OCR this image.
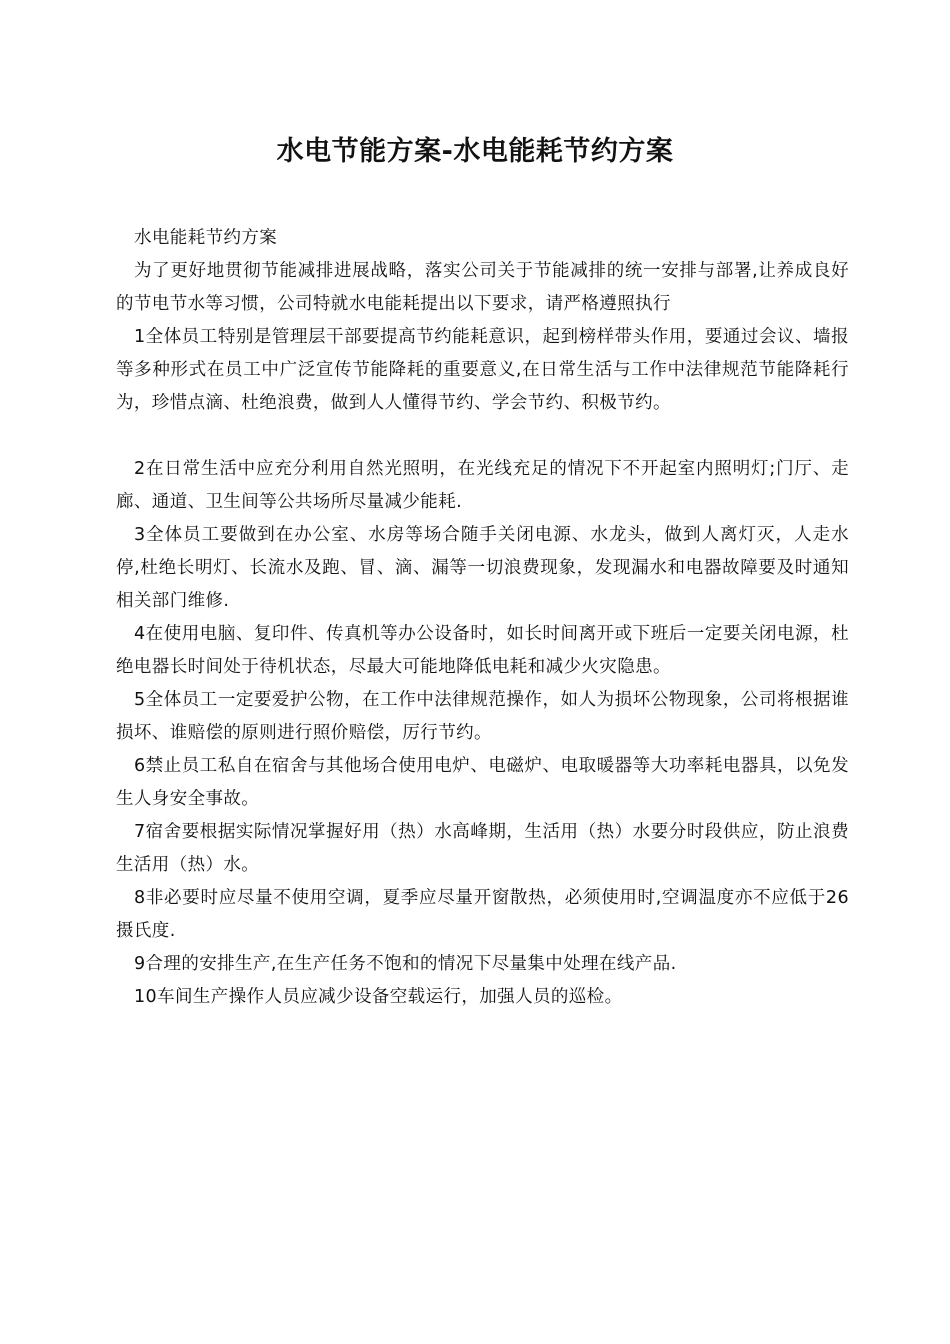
水电节能方案-水电能耗节约方案

水电能耗节约方案

为了更好地贯彻节能减排进展战略，落实公司关于节能减排的统一安排与部署,让养成良好的节电节水等习惯，公司特就水电能耗提出以下要求，请严格遵照执行

1全体员工特别是管理层干部要提高节约能耗意识，起到榜样带头作用，要通过会议、墙报等多种形式在员工中广泛宣传节能降耗的重要意义,在日常生活与工作中法律规范节能降耗行为，珍惜点滴、杜绝浪费，做到人人懂得节约、学会节约、积极节约。

2在日常生活中应充分利用自然光照明，在光线充足的情况下不开起室内照明灯;门厅、走廊、通道、卫生间等公共场所尽量减少能耗.

3全体员工要做到在办公室、水房等场合随手关闭电源、水龙头，做到人离灯灭，人走水停,杜绝长明灯、长流水及跑、冒、滴、漏等一切浪费现象，发现漏水和电器故障要及时通知相关部门维修.

4在使用电脑、复印件、传真机等办公设备时，如长时间离开或下班后一定要关闭电源，杜绝电器长时间处于待机状态，尽最大可能地降低电耗和减少火灾隐患。

5全体员工一定要爱护公物，在工作中法律规范操作，如人为损坏公物现象，公司将根据谁损坏、谁赔偿的原则进行照价赔偿，厉行节约。

6禁止员工私自在宿舍与其他场合使用电炉、电磁炉、电取暖器等大功率耗电器具，以免发生人身安全事故。

7宿舍要根据实际情况掌握好用（热）水高峰期，生活用（热）水要分时段供应，防止浪费生活用（热）水。

8非必要时应尽量不使用空调，夏季应尽量开窗散热，必须使用时,空调温度亦不应低于26摄氏度.

9合理的安排生产,在生产任务不饱和的情况下尽量集中处理在线产品.

10车间生产操作人员应减少设备空载运行，加强人员的巡检。
